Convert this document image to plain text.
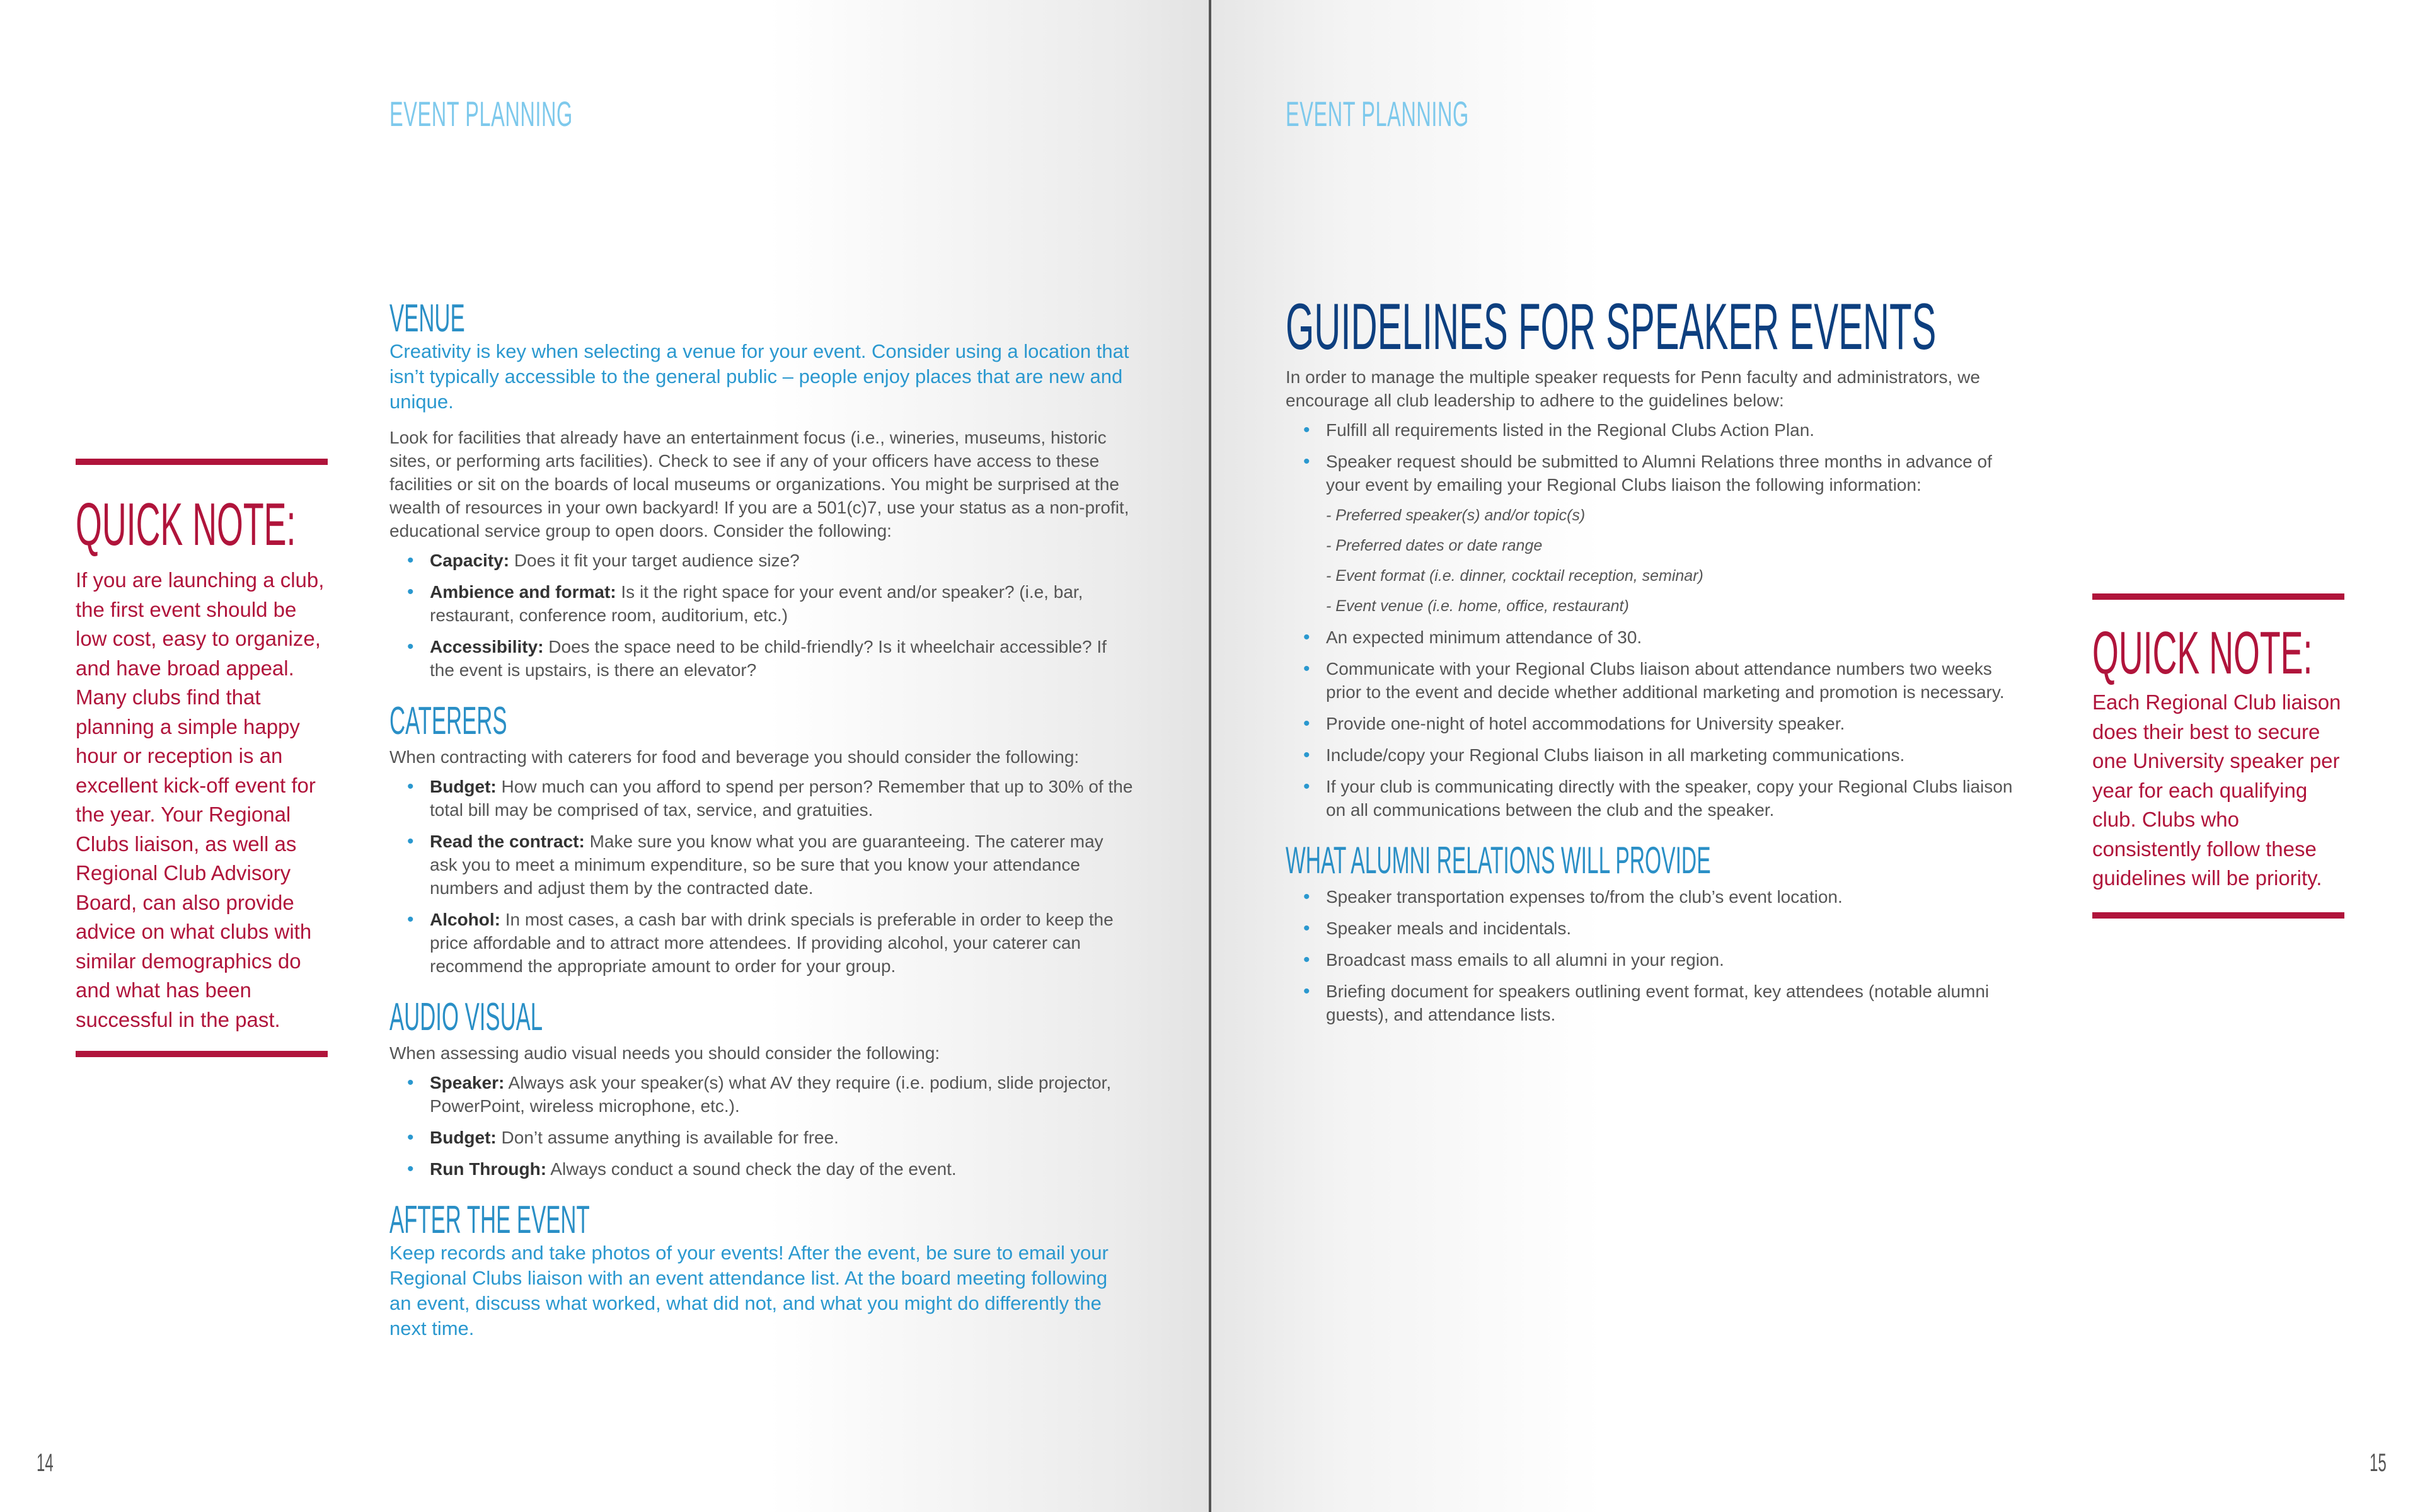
EVENT PLANNING
QUICK NOTE:
If you are launching a club, the first event should be low cost, easy to organize, and have broad appeal. Many clubs find that planning a simple happy hour or reception is an excellent kick-off event for the year. Your Regional Clubs liaison, as well as Regional Club Advisory Board, can also provide advice on what clubs with similar demographics do and what has been successful in the past.
VENUE

Creativity is key when selecting a venue for your event. Consider using a location that isn’t typically accessible to the general public – people enjoy places that are new and unique.

Look for facilities that already have an entertainment focus (i.e., wineries, museums, historic sites, or performing arts facilities). Check to see if any of your officers have access to these facilities or sit on the boards of local museums or organizations. You might be surprised at the wealth of resources in your own backyard! If you are a 501(c)7, use your status as a non-profit, educational service group to open doors. Consider the following:

• Capacity: Does it fit your target audience size?
• Ambience and format: Is it the right space for your event and/or speaker? (i.e, bar, restaurant, conference room, auditorium, etc.)
• Accessibility: Does the space need to be child-friendly? Is it wheelchair accessible? If the event is upstairs, is there an elevator?
CATERERS

When contracting with caterers for food and beverage you should consider the following:

• Budget: How much can you afford to spend per person? Remember that up to 30% of the total bill may be comprised of tax, service, and gratuities.
• Read the contract: Make sure you know what you are guaranteeing. The caterer may ask you to meet a minimum expenditure, so be sure that you know your attendance numbers and adjust them by the contracted date.
• Alcohol: In most cases, a cash bar with drink specials is preferable in order to keep the price affordable and to attract more attendees. If providing alcohol, your caterer can recommend the appropriate amount to order for your group.
AUDIO VISUAL

When assessing audio visual needs you should consider the following:

• Speaker: Always ask your speaker(s) what AV they require (i.e. podium, slide projector, PowerPoint, wireless microphone, etc.).
• Budget: Don’t assume anything is available for free.
• Run Through: Always conduct a sound check the day of the event.
AFTER THE EVENT

Keep records and take photos of your events! After the event, be sure to email your Regional Clubs liaison with an event attendance list. At the board meeting following an event, discuss what worked, what did not, and what you might do differently the next time.

14
EVENT PLANNING
QUICK NOTE:
Each Regional Club liaison does their best to secure one University speaker per year for each qualifying club. Clubs who consistently follow these guidelines will be priority.
GUIDELINES FOR SPEAKER EVENTS

In order to manage the multiple speaker requests for Penn faculty and administrators, we encourage all club leadership to adhere to the guidelines below:

• Fulfill all requirements listed in the Regional Clubs Action Plan.
• Speaker request should be submitted to Alumni Relations three months in advance of your event by emailing your Regional Clubs liaison the following information:
- Preferred speaker(s) and/or topic(s)
- Preferred dates or date range
- Event format (i.e. dinner, cocktail reception, seminar)
- Event venue (i.e. home, office, restaurant)
• An expected minimum attendance of 30.
• Communicate with your Regional Clubs liaison about attendance numbers two weeks prior to the event and decide whether additional marketing and promotion is necessary.
• Provide one-night of hotel accommodations for University speaker.
• Include/copy your Regional Clubs liaison in all marketing communications.
• If your club is communicating directly with the speaker, copy your Regional Clubs liaison on all communications between the club and the speaker.
WHAT ALUMNI RELATIONS WILL PROVIDE
• Speaker transportation expenses to/from the club’s event location.
• Speaker meals and incidentals.
• Broadcast mass emails to all alumni in your region.
• Briefing document for speakers outlining event format, key attendees (notable alumni guests), and attendance lists.
15
